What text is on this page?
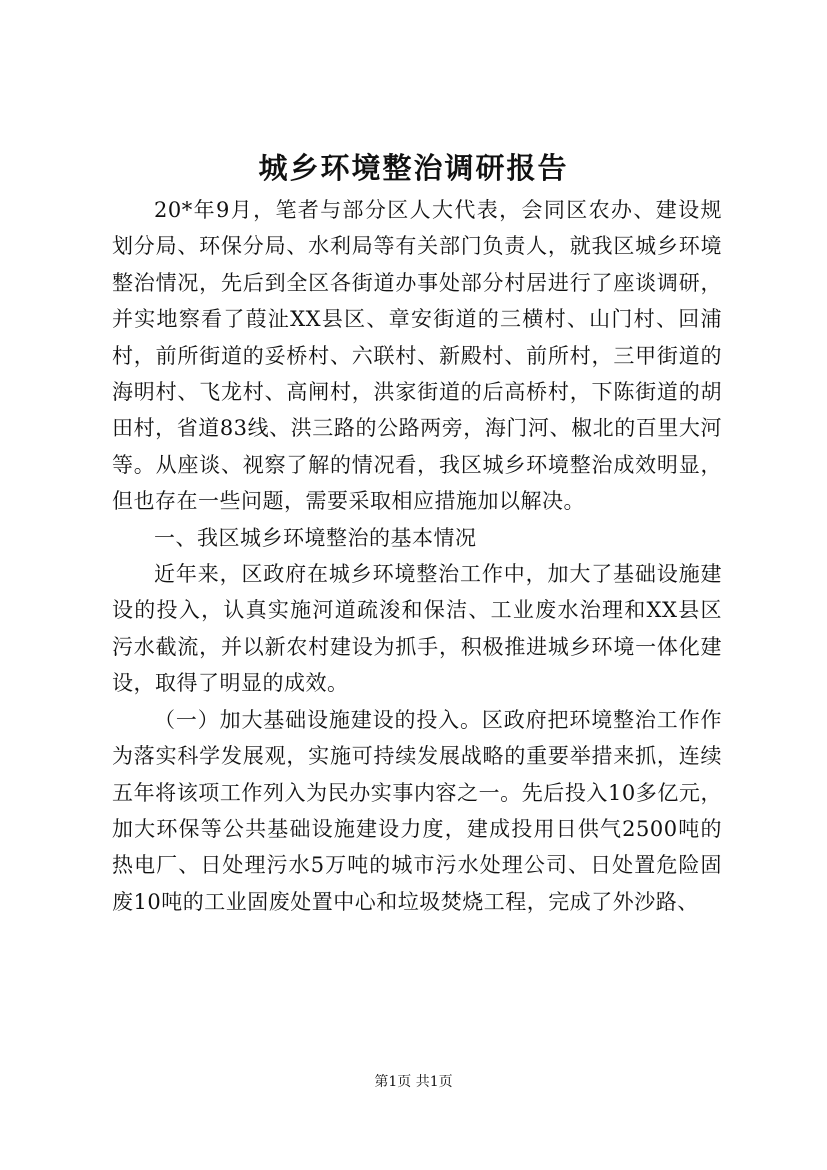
城乡环境整治调研报告

20*年9月，笔者与部分区人大代表，会同区农办、建设规划分局、环保分局、水利局等有关部门负责人，就我区城乡环境整治情况，先后到全区各街道办事处部分村居进行了座谈调研，并实地察看了葭沚XX县区、章安街道的三横村、山门村、回浦村，前所街道的妥桥村、六联村、新殿村、前所村，三甲街道的海明村、飞龙村、高闸村，洪家街道的后高桥村，下陈街道的胡田村，省道83线、洪三路的公路两旁，海门河、椒北的百里大河等。从座谈、视察了解的情况看，我区城乡环境整治成效明显，但也存在一些问题，需要采取相应措施加以解决。

一、我区城乡环境整治的基本情况

近年来，区政府在城乡环境整治工作中，加大了基础设施建设的投入，认真实施河道疏浚和保洁、工业废水治理和XX县区污水截流，并以新农村建设为抓手，积极推进城乡环境一体化建设，取得了明显的成效。

（一）加大基础设施建设的投入。区政府把环境整治工作作为落实科学发展观，实施可持续发展战略的重要举措来抓，连续五年将该项工作列入为民办实事内容之一。先后投入10多亿元，加大环保等公共基础设施建设力度，建成投用日供气2500吨的热电厂、日处理污水5万吨的城市污水处理公司、日处置危险固废10吨的工业固废处置中心和垃圾焚烧工程，完成了外沙路、

第1页 共1页
